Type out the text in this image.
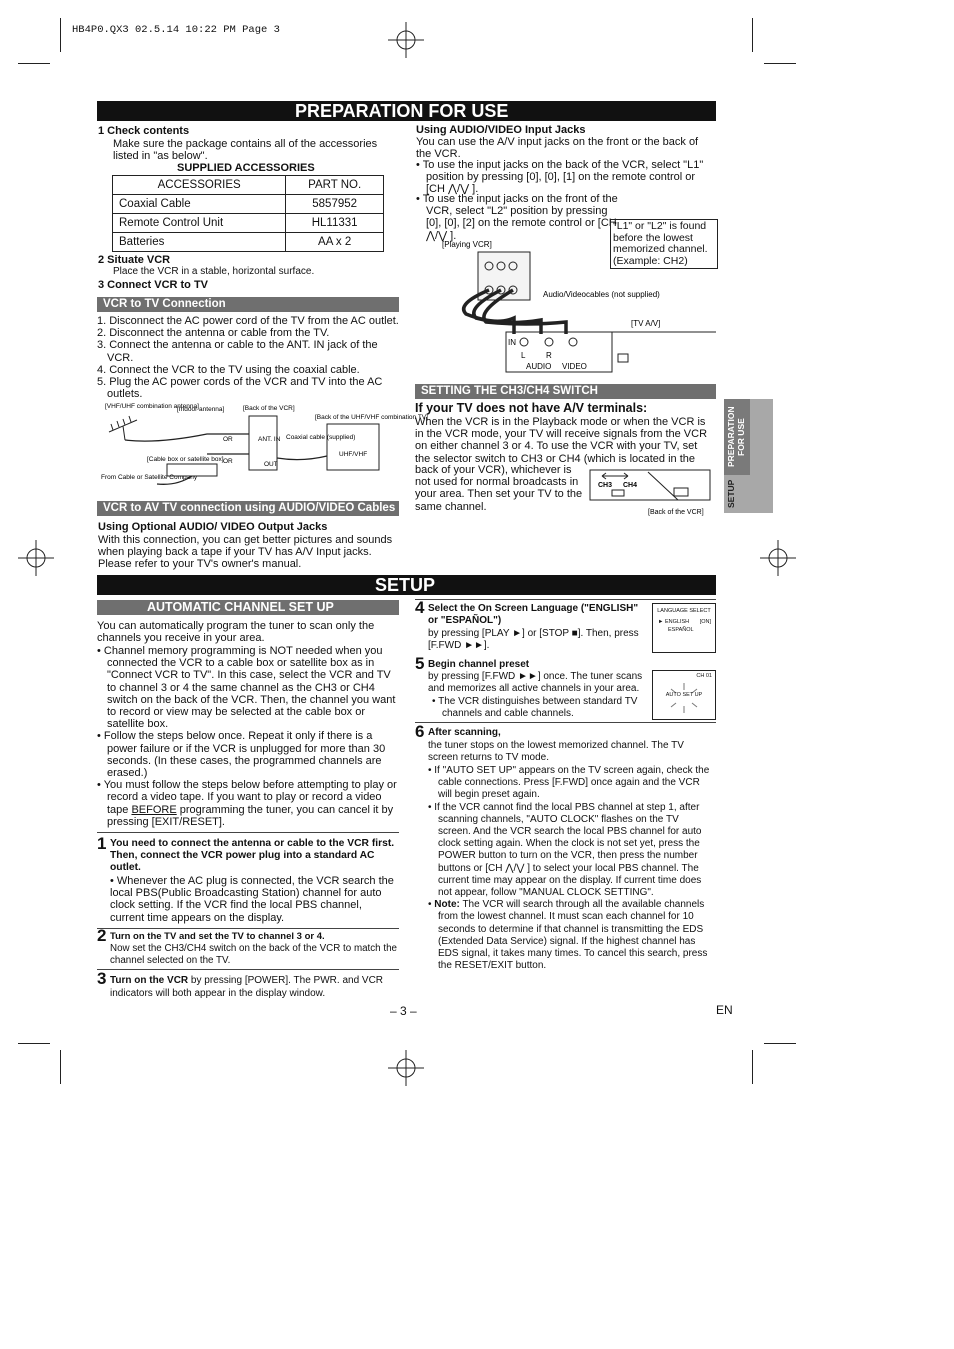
HB4P0.QX3 02.5.14 10:22 PM Page 3
PREPARATION FOR USE
1 Check contents
Make sure the package contains all of the accessories listed in "as below".
SUPPLIED ACCESSORIES
ACCESSORIES	PART NO.
Coaxial Cable	5857952
Remote Control Unit	HL11331
Batteries	AA x 2
2 Situate VCR
Place the VCR in a stable, horizontal surface.
3 Connect VCR to TV
VCR to TV Connection
1. Disconnect the AC power cord of the TV from the AC outlet.
2. Disconnect the antenna or cable from the TV.
3. Connect the antenna or cable to the ANT. IN jack of the VCR.
4. Connect the VCR to the TV using the coaxial cable.
5. Plug the AC power cords of the VCR and TV into the AC outlets.
[VHF/UHF combination antenna]
[Indoor antenna]	[Back of the VCR]
[Back of the UHF/VHF combination TV]
Coaxial cable (supplied)
[Cable box or satellite box]
From Cable or Satellite Company
OR
OR
ANT. IN
OUT
UHF/VHF
VCR to AV TV connection using AUDIO/VIDEO Cables
Using Optional AUDIO/ VIDEO Output Jacks
With this connection, you can get better pictures and sounds when playing back a tape if your TV has A/V Input jacks. Please refer to your TV's owner's manual.
Using AUDIO/VIDEO Input Jacks
You can use the A/V input jacks on the front or the back of the VCR.
• To use the input jacks on the back of the VCR, select "L1" position by pressing [0], [0], [1] on the remote control or [CH ⋀/⋁ ].
• To use the input jacks on the front of the VCR, select "L2" position by pressing [0], [0], [2] on the remote control or [CH ⋀/⋁ ].
"L1" or "L2" is found before the lowest memorized channel. (Example: CH2)
[Playing VCR]
Audio/Videocables (not supplied)
[TV A/V]
IN
L	R
AUDIO VIDEO
SETTING THE CH3/CH4 SWITCH
If your TV does not have A/V terminals:
When the VCR is in the Playback mode or when the VCR is in the VCR mode, your TV will receive signals from the VCR on either channel 3 or 4. To use the VCR with your TV, set the selector switch to CH3 or CH4 (which is located in the
back of your VCR), whichever is not used for normal broadcasts in your area. Then set your TV to the same channel.
CH3 CH4
[Back of the VCR]
PREPARATION FOR USE
SETUP
SETUP
AUTOMATIC CHANNEL SET UP
You can automatically program the tuner to scan only the channels you receive in your area.
• Channel memory programming is NOT needed when you connected the VCR to a cable box or satellite box as in "Connect VCR to TV". In this case, select the VCR and TV to channel 3 or 4 the same channel as the CH3 or CH4 switch on the back of the VCR. Then, the channel you want to record or view may be selected at the cable box or satellite box.
• Follow the steps below once. Repeat it only if there is a power failure or if the VCR is unplugged for more than 30 seconds. (In these cases, the programmed channels are erased.)
• You must follow the steps below before attempting to play or record a video tape. If you want to play or record a video tape BEFORE programming the tuner, you can cancel it by pressing [EXIT/RESET].
1 You need to connect the antenna or cable to the VCR first. Then, connect the VCR power plug into a standard AC outlet.
• Whenever the AC plug is connected, the VCR search the local PBS(Public Broadcasting Station) channel for auto clock setting. If the VCR find the local PBS channel, current time appears on the display.
2 Turn on the TV and set the TV to channel 3 or 4.
Now set the CH3/CH4 switch on the back of the VCR to match the channel selected on the TV.
3 Turn on the VCR by pressing [POWER]. The PWR. and VCR indicators will both appear in the display window.
4 Select the On Screen Language ("ENGLISH" or "ESPAÑOL")
by pressing [PLAY ►] or [STOP ■]. Then, press [F.FWD ►►].
LANGUAGE SELECT
► ENGLISH [ON]
ESPAÑOL
5 Begin channel preset
by pressing [F.FWD ►►] once. The tuner scans and memorizes all active channels in your area.
• The VCR distinguishes between standard TV channels and cable channels.
CH 01
AUTO SET UP
6 After scanning,
the tuner stops on the lowest memorized channel. The TV screen returns to TV mode.
• If "AUTO SET UP" appears on the TV screen again, check the cable connections. Press [F.FWD] once again and the VCR will begin preset again.
• If the VCR cannot find the local PBS channel at step 1, after scanning channels, "AUTO CLOCK" flashes on the TV screen. And the VCR search the local PBS channel for auto clock setting again. When the clock is not set yet, press the POWER button to turn on the VCR, then press the number buttons or [CH ⋀/⋁ ] to select your local PBS channel. The current time may appear on the display. If current time does not appear, follow "MANUAL CLOCK SETTING".
• Note: The VCR will search through all the available channels from the lowest channel. It must scan each channel for 10 seconds to determine if that channel is transmitting the EDS (Extended Data Service) signal. If the highest channel has EDS signal, it takes many times. To cancel this search, press the RESET/EXIT button.
– 3 –	EN
